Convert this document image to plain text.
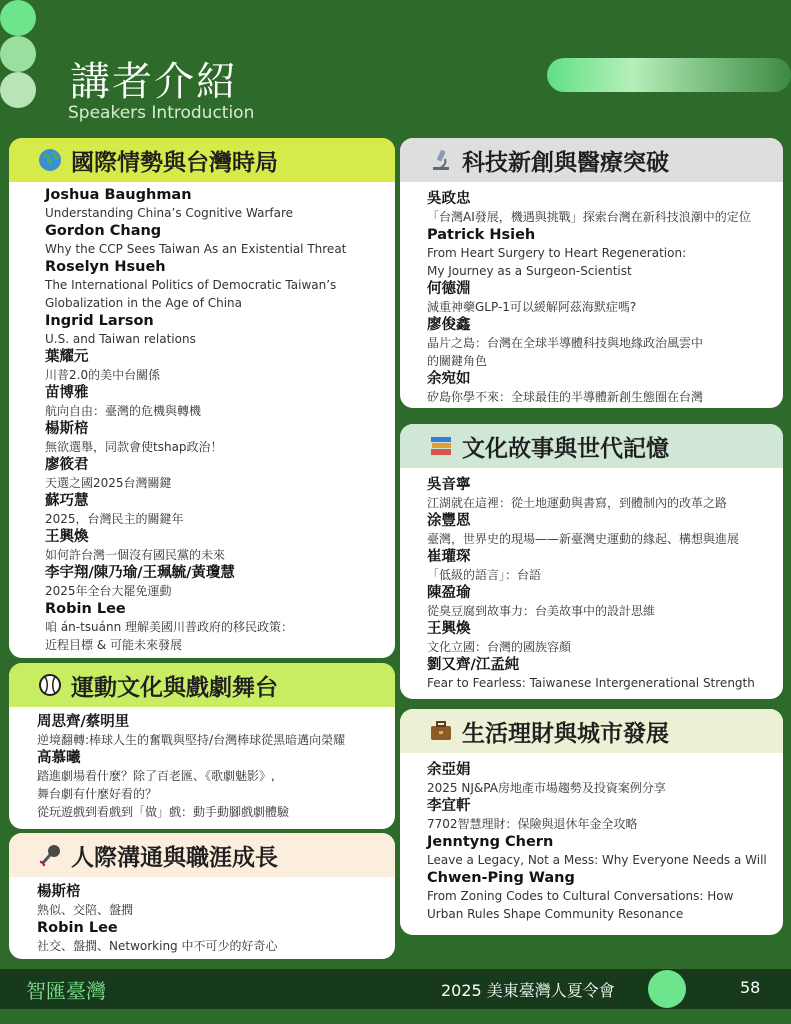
講者介紹
Speakers Introduction
國際情勢與台灣時局
Joshua Baughman
Understanding China’s Cognitive Warfare
Gordon Chang
Why the CCP Sees Taiwan As an Existential Threat
Roselyn Hsueh
The International Politics of Democratic Taiwan’s
Globalization in the Age of China
Ingrid Larson
U.S. and Taiwan relations
葉耀元
川普2.0的美中台關係
苗博雅
航向自由：臺灣的危機與轉機
楊斯棓
無欲選舉，同款會使tshap政治！
廖筱君
天選之國2025台灣關鍵
蘇巧慧
2025，台灣民主的關鍵年
王興煥
如何許台灣一個沒有國民黨的未來
李宇翔/陳乃瑜/王珮毓/黃瓊慧
2025年全台大罷免運動
Robin Lee
咱 án-tsuánn 理解美國川普政府的移民政策：
近程目標 & 可能未來發展
運動文化與戲劇舞台
周思齊/蔡明里
逆境翻轉:棒球人生的奮戰與堅持/台灣棒球從黑暗邁向榮耀
高慕曦
踏進劇場看什麼？除了百老匯、《歌劇魅影》,
舞台劇有什麼好看的？
從玩遊戲到看戲到「做」戲：動手動腳戲劇體驗
人際溝通與職涯成長
楊斯棓
熟似、交陪、盤撋
Robin Lee
社交、盤撋、Networking 中不可少的好奇心
科技新創與醫療突破
吳政忠
「台灣AI發展，機遇與挑戰」探索台灣在新科技浪潮中的定位
Patrick Hsieh
From Heart Surgery to Heart Regeneration:
My Journey as a Surgeon-Scientist
何德淵
減重神藥GLP-1可以緩解阿茲海默症嗎?
廖俊鑫
晶片之島：台灣在全球半導體科技與地緣政治風雲中
的關鍵角色
余宛如
矽島你學不來：全球最佳的半導體新創生態圈在台灣
文化故事與世代記憶
吳音寧
江湖就在這裡：從土地運動與書寫，到體制內的改革之路
涂豐恩
臺灣，世界史的現場——新臺灣史運動的緣起、構想與進展
崔瓘琛
「低級的語言」：台語
陳盈瑜
從臭豆腐到故事力：台美故事中的設計思維
王興煥
文化立國：台灣的國族容顏
劉又齊/江孟純
Fear to Fearless: Taiwanese Intergenerational Strength
生活理財與城市發展
余亞娟
2025 NJ&PA房地產市場趨勢及投資案例分享
李宜軒
7702智慧理財：保險與退休年金全攻略
Jenntyng Chern
Leave a Legacy, Not a Mess: Why Everyone Needs a Will
Chwen-Ping Wang
From Zoning Codes to Cultural Conversations: How
Urban Rules Shape Community Resonance
智匯臺灣	2025 美東臺灣人夏令會	58
